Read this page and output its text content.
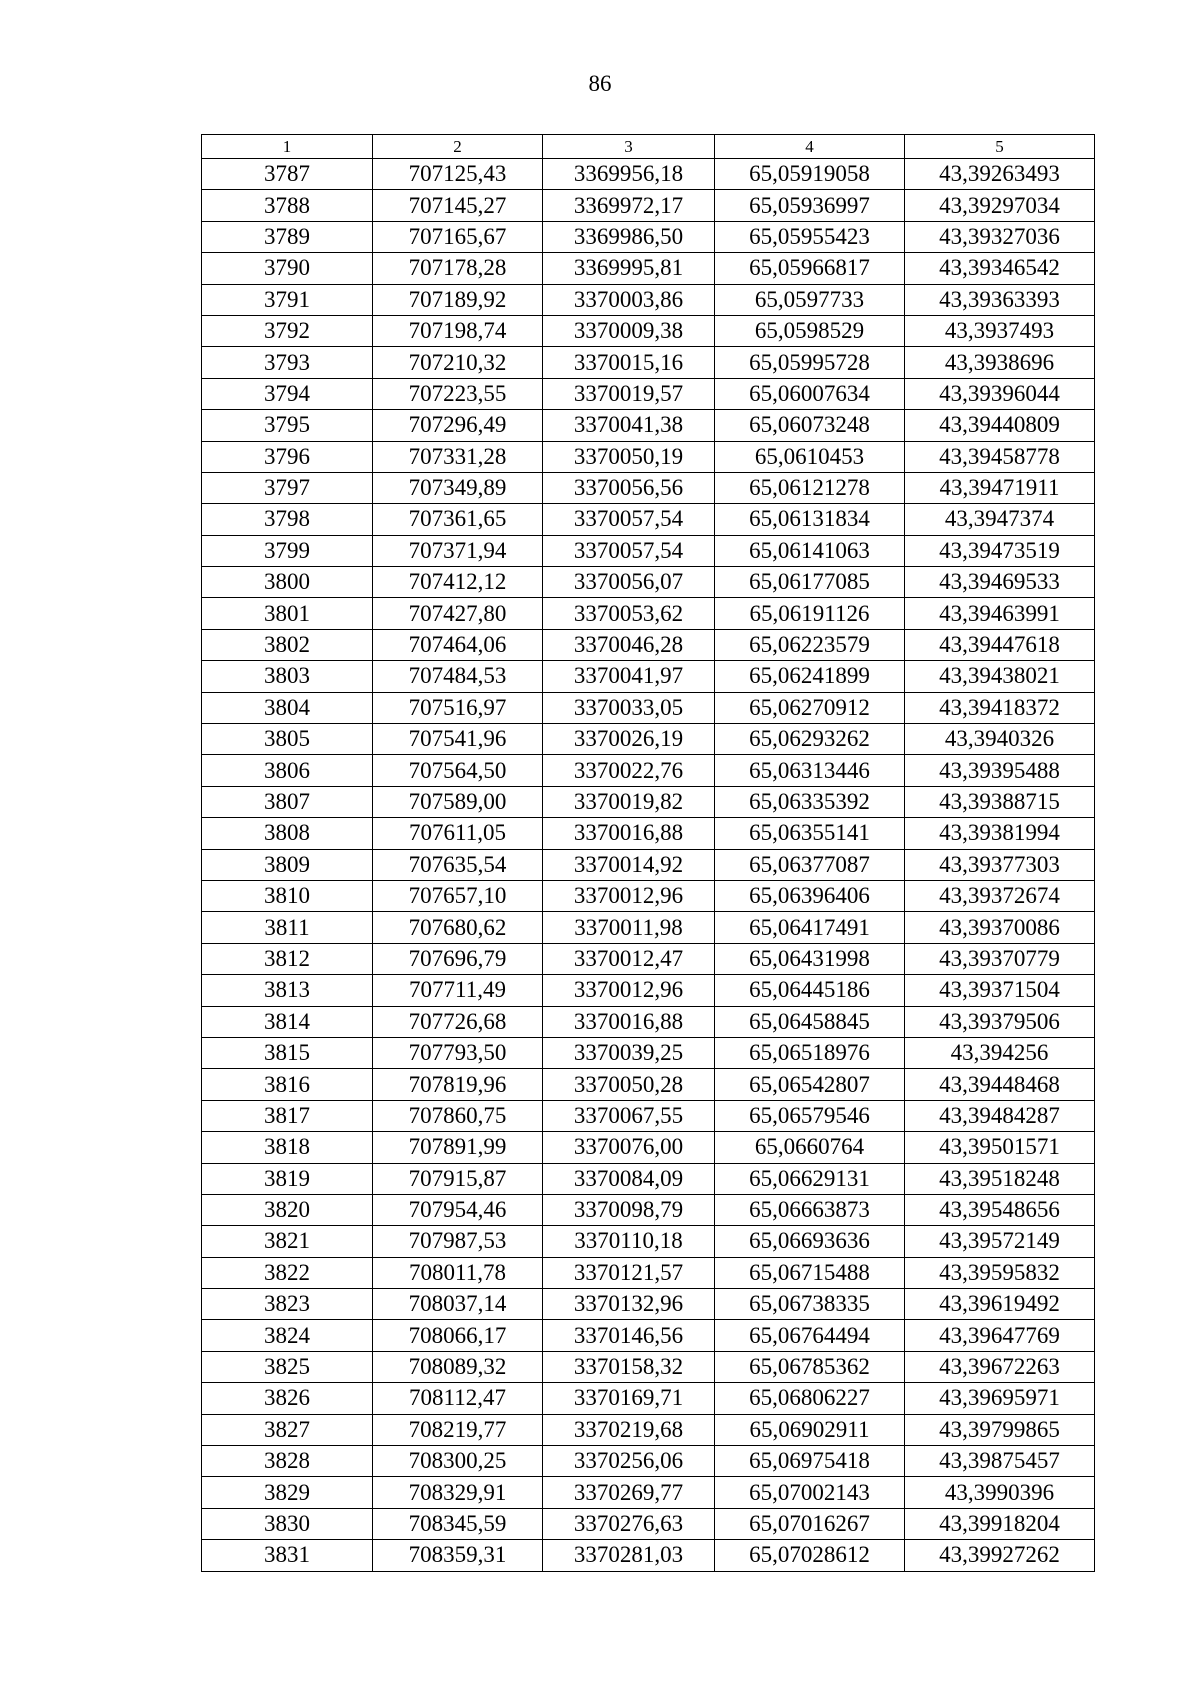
86
1	2	3	4	5
3787	707125,43	3369956,18	65,05919058	43,39263493
3788	707145,27	3369972,17	65,05936997	43,39297034
3789	707165,67	3369986,50	65,05955423	43,39327036
3790	707178,28	3369995,81	65,05966817	43,39346542
3791	707189,92	3370003,86	65,0597733	43,39363393
3792	707198,74	3370009,38	65,0598529	43,3937493
3793	707210,32	3370015,16	65,05995728	43,3938696
3794	707223,55	3370019,57	65,06007634	43,39396044
3795	707296,49	3370041,38	65,06073248	43,39440809
3796	707331,28	3370050,19	65,0610453	43,39458778
3797	707349,89	3370056,56	65,06121278	43,39471911
3798	707361,65	3370057,54	65,06131834	43,3947374
3799	707371,94	3370057,54	65,06141063	43,39473519
3800	707412,12	3370056,07	65,06177085	43,39469533
3801	707427,80	3370053,62	65,06191126	43,39463991
3802	707464,06	3370046,28	65,06223579	43,39447618
3803	707484,53	3370041,97	65,06241899	43,39438021
3804	707516,97	3370033,05	65,06270912	43,39418372
3805	707541,96	3370026,19	65,06293262	43,3940326
3806	707564,50	3370022,76	65,06313446	43,39395488
3807	707589,00	3370019,82	65,06335392	43,39388715
3808	707611,05	3370016,88	65,06355141	43,39381994
3809	707635,54	3370014,92	65,06377087	43,39377303
3810	707657,10	3370012,96	65,06396406	43,39372674
3811	707680,62	3370011,98	65,06417491	43,39370086
3812	707696,79	3370012,47	65,06431998	43,39370779
3813	707711,49	3370012,96	65,06445186	43,39371504
3814	707726,68	3370016,88	65,06458845	43,39379506
3815	707793,50	3370039,25	65,06518976	43,394256
3816	707819,96	3370050,28	65,06542807	43,39448468
3817	707860,75	3370067,55	65,06579546	43,39484287
3818	707891,99	3370076,00	65,0660764	43,39501571
3819	707915,87	3370084,09	65,06629131	43,39518248
3820	707954,46	3370098,79	65,06663873	43,39548656
3821	707987,53	3370110,18	65,06693636	43,39572149
3822	708011,78	3370121,57	65,06715488	43,39595832
3823	708037,14	3370132,96	65,06738335	43,39619492
3824	708066,17	3370146,56	65,06764494	43,39647769
3825	708089,32	3370158,32	65,06785362	43,39672263
3826	708112,47	3370169,71	65,06806227	43,39695971
3827	708219,77	3370219,68	65,06902911	43,39799865
3828	708300,25	3370256,06	65,06975418	43,39875457
3829	708329,91	3370269,77	65,07002143	43,3990396
3830	708345,59	3370276,63	65,07016267	43,39918204
3831	708359,31	3370281,03	65,07028612	43,39927262
